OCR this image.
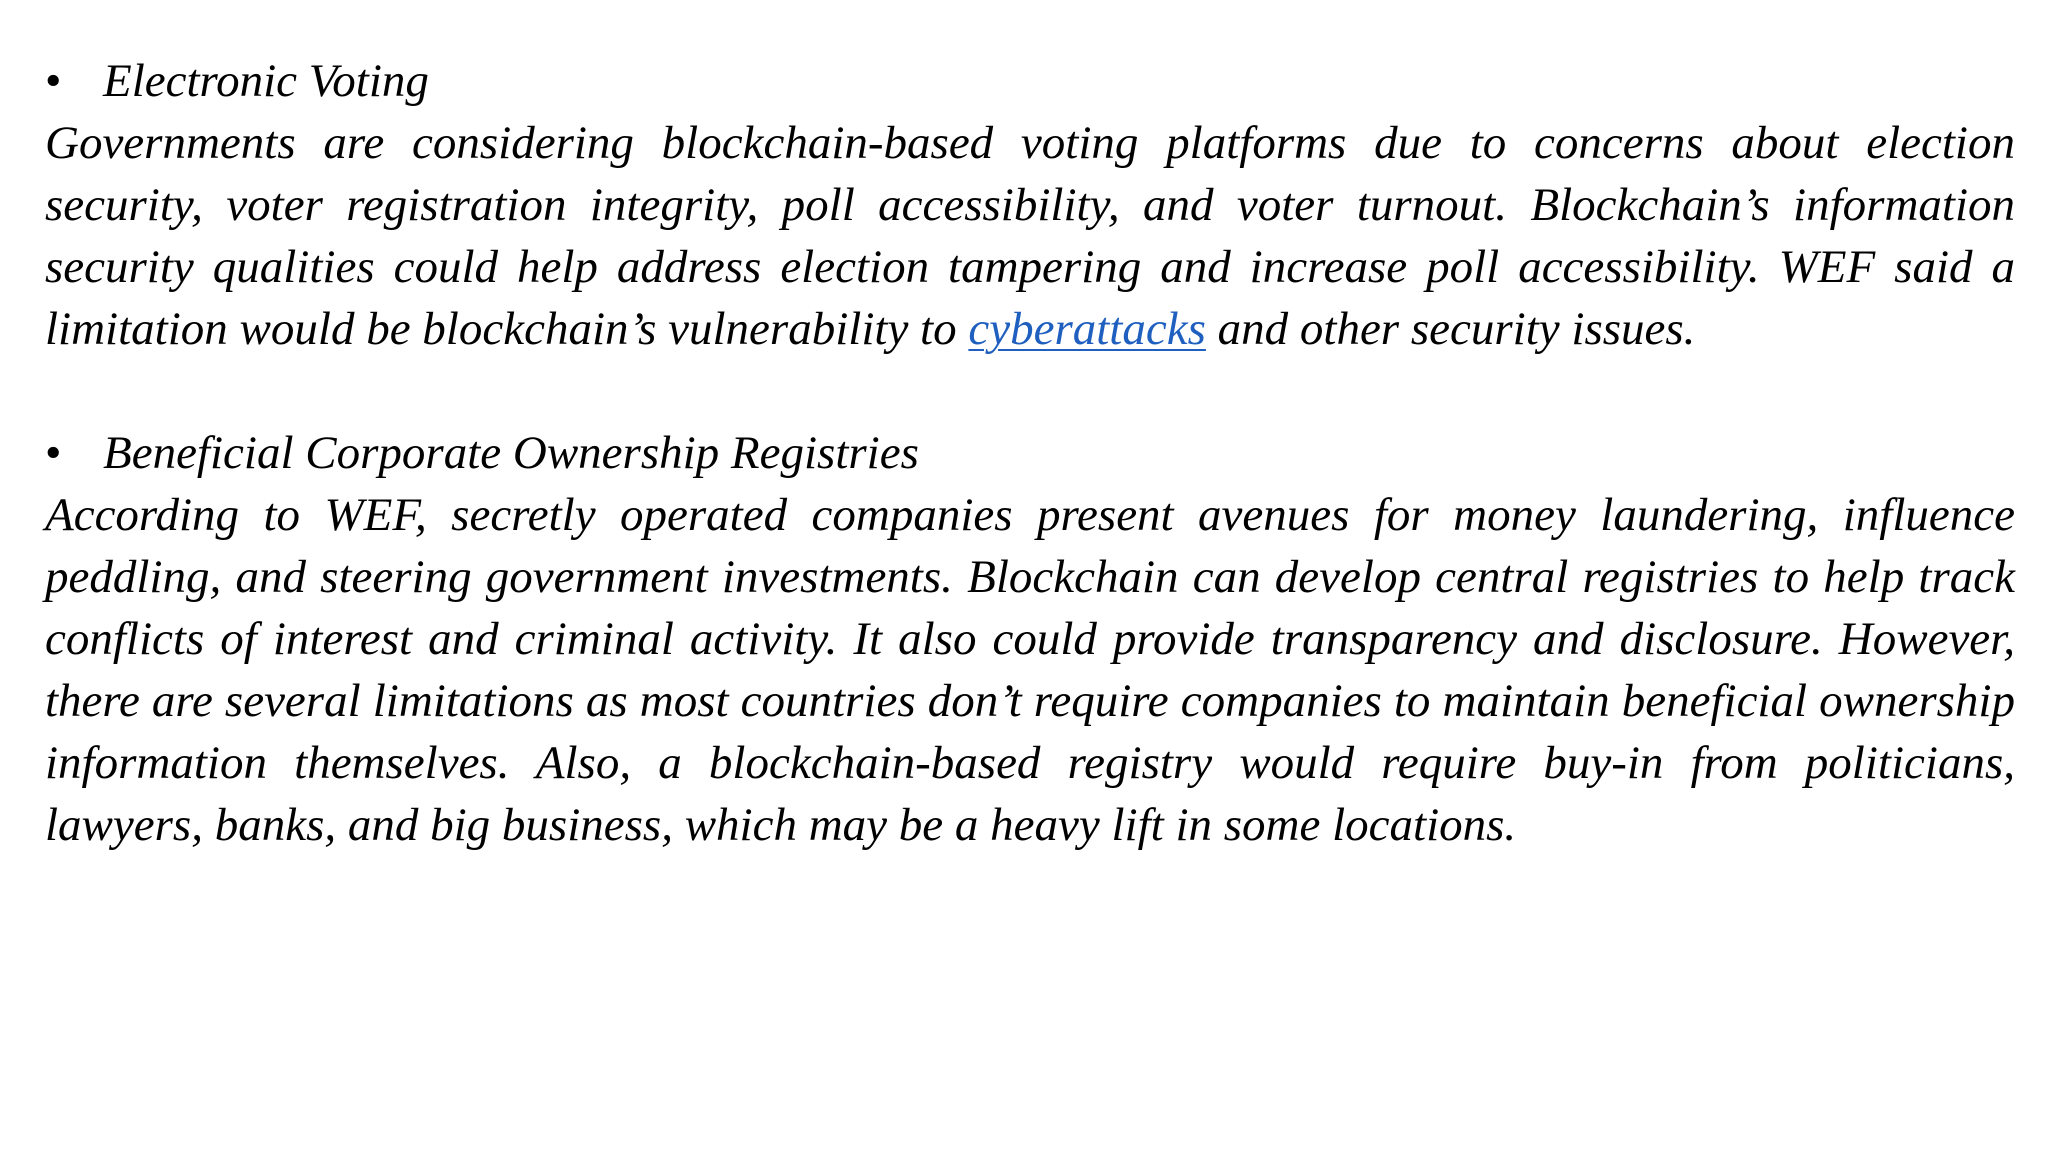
• Electronic Voting

Governments are considering blockchain-based voting platforms due to concerns about election security, voter registration integrity, poll accessibility, and voter turnout. Blockchain’s information security qualities could help address election tampering and increase poll accessibility. WEF said a limitation would be blockchain’s vulnerability to cyberattacks and other security issues.

• Beneficial Corporate Ownership Registries

According to WEF, secretly operated companies present avenues for money laundering, influence peddling, and steering government investments. Blockchain can develop central registries to help track conflicts of interest and criminal activity. It also could provide transparency and disclosure. However, there are several limitations as most countries don’t require companies to maintain beneficial ownership information themselves. Also, a blockchain-based registry would require buy-in from politicians, lawyers, banks, and big business, which may be a heavy lift in some locations.
